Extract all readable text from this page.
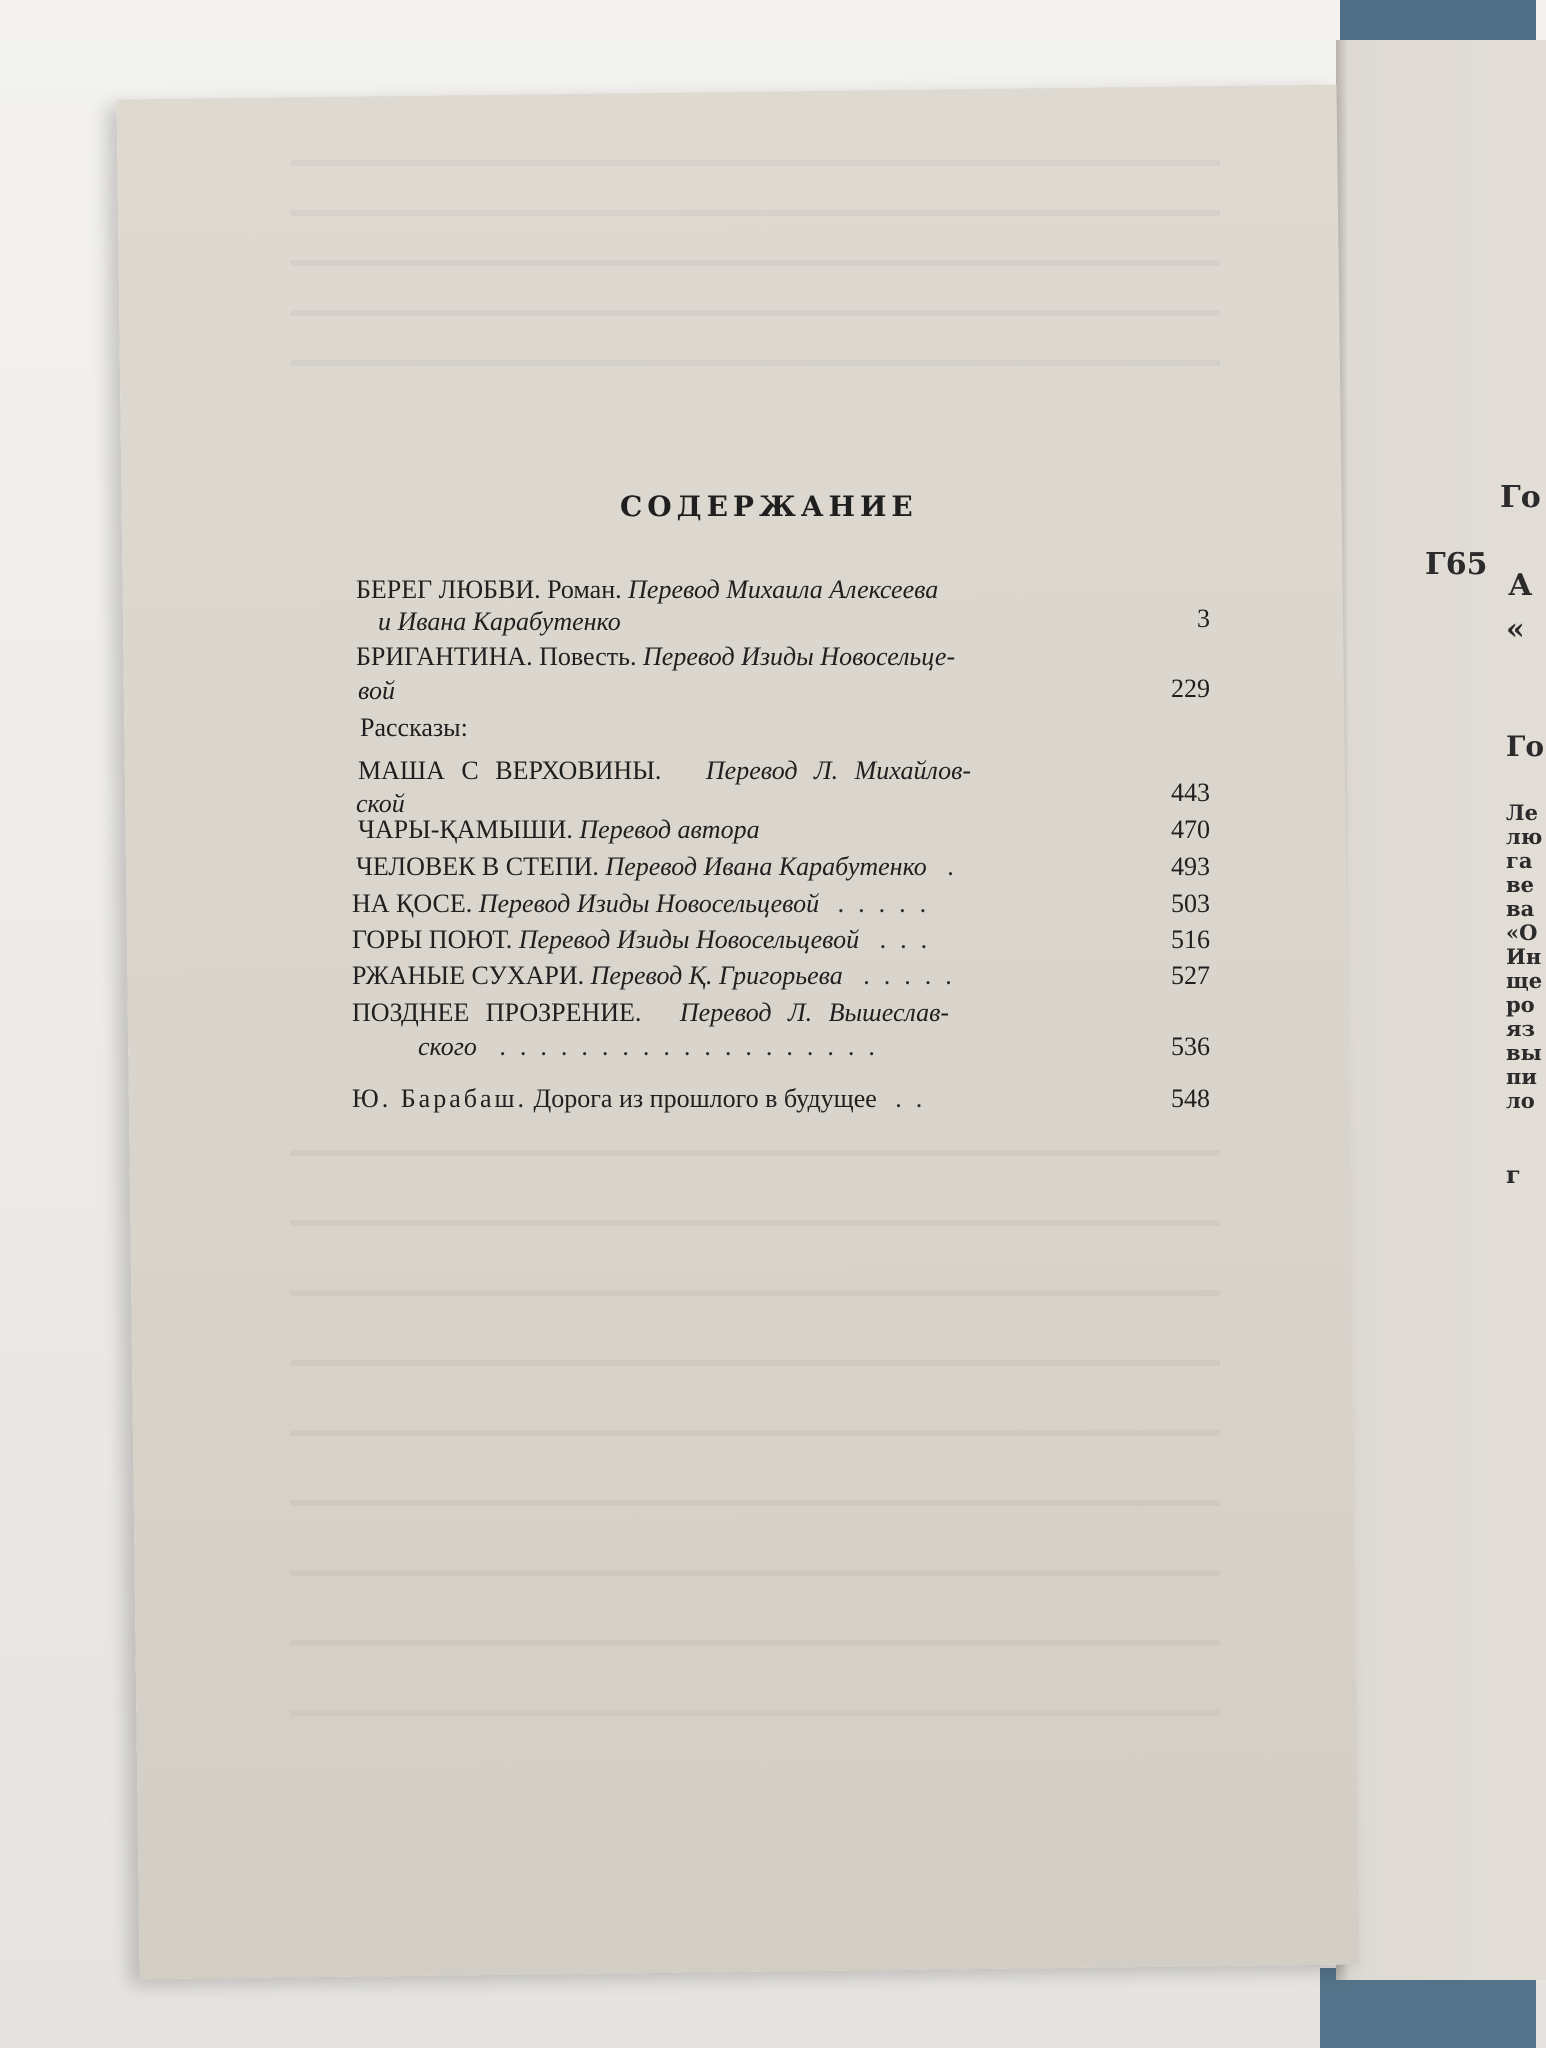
Го
Г65
А
«
Го
Ле
лю
га
ве
ва
«О
Ин
ще
ро
яз
вы
пи
ло
г
СОДЕРЖАНИЕ
БЕРЕГ ЛЮБВИ. Роман. Перевод Михаила Алексеева
и Ивана Карабутенко	3
БРИГАНТИНА. Повесть. Перевод Изиды Новосельце-
вой	229
Рассказы:
МАША С ВЕРХОВИНЫ. Перевод Л. Михайлов-
ской	443
ЧАРЫ-ҚАМЫШИ. Перевод автора	470
ЧЕЛОВЕК В СТЕПИ. Перевод Ивана Карабутенко .	493
НА ҚОСЕ. Перевод Изиды Новосельцевой .....	503
ГОРЫ ПОЮТ. Перевод Изиды Новосельцевой ...	516
РЖАНЫЕ СУХАРИ. Перевод Қ. Григорьева .....	527
ПОЗДНЕЕ ПРОЗРЕНИЕ. Перевод Л. Вышеслав-
ского ...................	536
Ю. Барабаш. Дорога из прошлого в будущее ..	548
